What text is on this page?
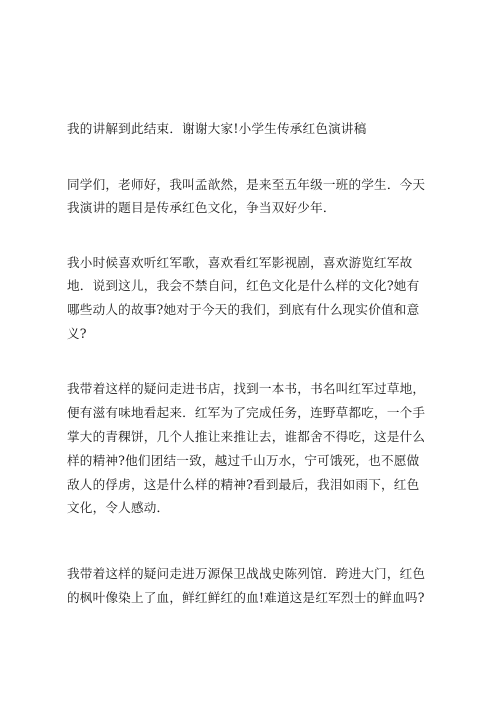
我的讲解到此结束．谢谢大家!小学生传承红色演讲稿
同学们，老师好，我叫孟歆然，是来至五年级一班的学生．今天
我演讲的题目是传承红色文化，争当双好少年．
我小时候喜欢听红军歌，喜欢看红军影视剧，喜欢游览红军故
地．说到这儿，我会不禁自问，红色文化是什么样的文化?她有
哪些动人的故事?她对于今天的我们，到底有什么现实价值和意
义?
我带着这样的疑问走进书店，找到一本书，书名叫红军过草地，
便有滋有味地看起来．红军为了完成任务，连野草都吃，一个手
掌大的青稞饼，几个人推让来推让去，谁都舍不得吃，这是什么
样的精神?他们团结一致，越过千山万水，宁可饿死，也不愿做
敌人的俘虏，这是什么样的精神?看到最后，我泪如雨下，红色
文化，令人感动．
我带着这样的疑问走进万源保卫战战史陈列馆．跨进大门，红色
的枫叶像染上了血，鲜红鲜红的血!难道这是红军烈士的鲜血吗?
